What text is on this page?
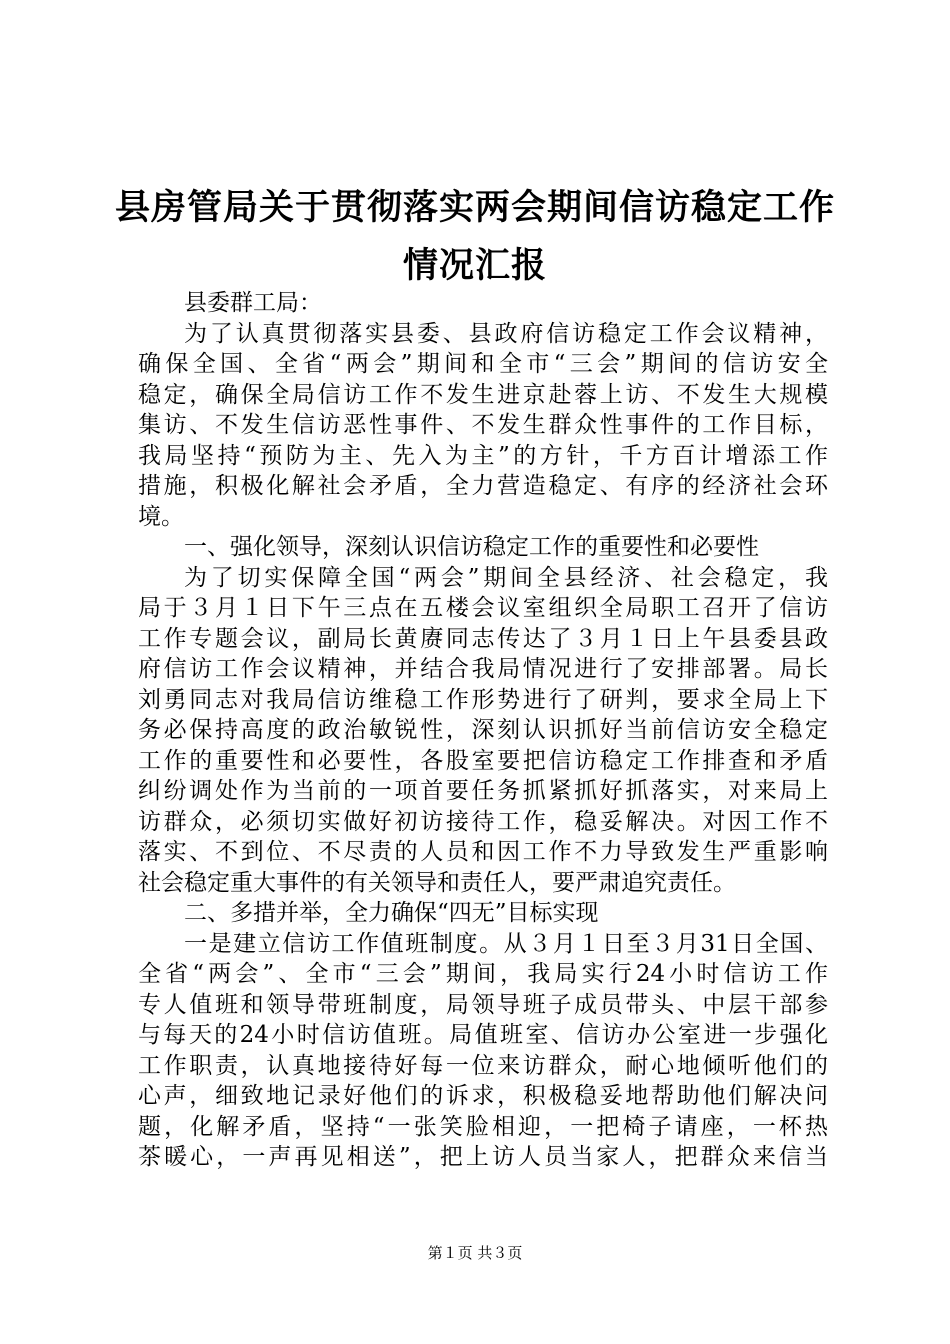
县房管局关于贯彻落实两会期间信访稳定工作
情况汇报
县委群工局：
为了认真贯彻落实县委、县政府信访稳定工作会议精神，
确保全国、全省“两会”期间和全市“三会”期间的信访安全
稳定，确保全局信访工作不发生进京赴蓉上访、不发生大规模
集访、不发生信访恶性事件、不发生群众性事件的工作目标，
我局坚持“预防为主、先入为主”的方针，千方百计增添工作
措施，积极化解社会矛盾，全力营造稳定、有序的经济社会环
境。
一、强化领导，深刻认识信访稳定工作的重要性和必要性
为了切实保障全国“两会”期间全县经济、社会稳定，我
局于３月１日下午三点在五楼会议室组织全局职工召开了信访
工作专题会议，副局长黄赓同志传达了３月１日上午县委县政
府信访工作会议精神，并结合我局情况进行了安排部署。局长
刘勇同志对我局信访维稳工作形势进行了研判，要求全局上下
务必保持高度的政治敏锐性，深刻认识抓好当前信访安全稳定
工作的重要性和必要性，各股室要把信访稳定工作排查和矛盾
纠纷调处作为当前的一项首要任务抓紧抓好抓落实，对来局上
访群众，必须切实做好初访接待工作，稳妥解决。对因工作不
落实、不到位、不尽责的人员和因工作不力导致发生严重影响
社会稳定重大事件的有关领导和责任人，要严肃追究责任。
二、多措并举，全力确保“四无”目标实现
一是建立信访工作值班制度。从３月１日至３月31日全国、
全省“两会”、全市“三会”期间，我局实行24小时信访工作
专人值班和领导带班制度，局领导班子成员带头、中层干部参
与每天的24小时信访值班。局值班室、信访办公室进一步强化
工作职责，认真地接待好每一位来访群众，耐心地倾听他们的
心声，细致地记录好他们的诉求，积极稳妥地帮助他们解决问
题，化解矛盾，坚持“一张笑脸相迎，一把椅子请座，一杯热
茶暖心，一声再见相送”，把上访人员当家人，把群众来信当
第１页 共３页
